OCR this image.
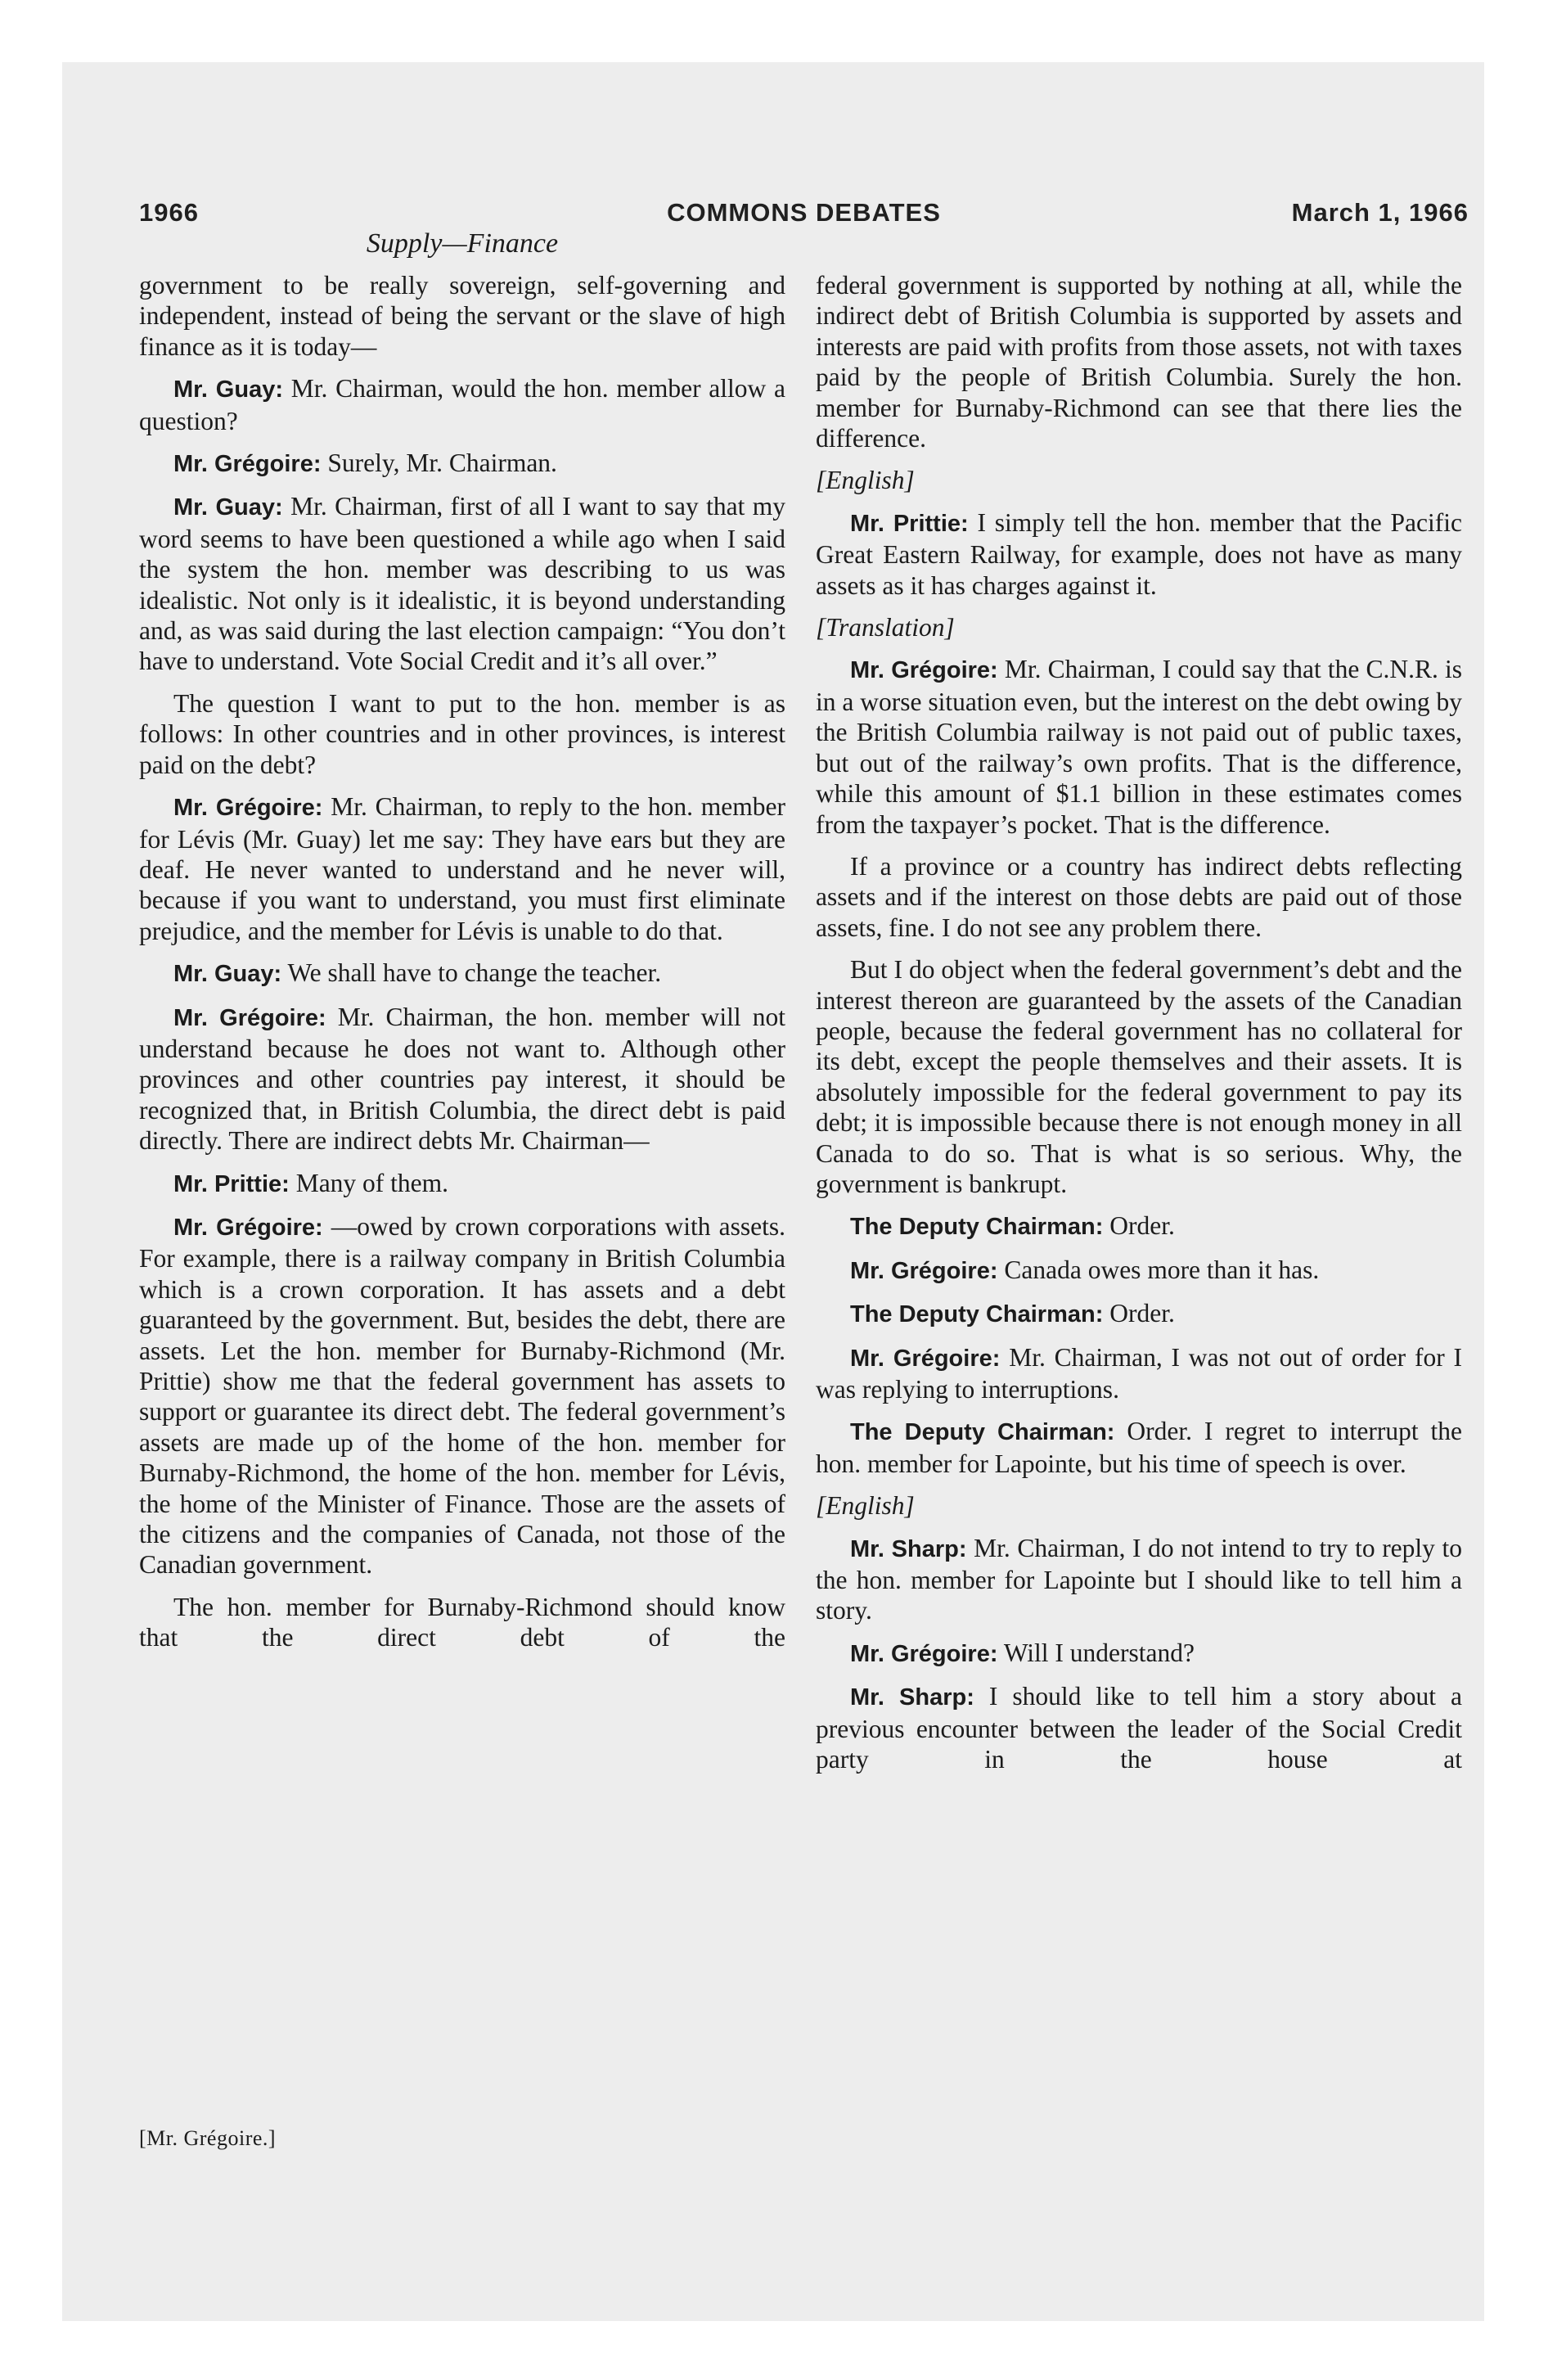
1966	COMMONS DEBATES	March 1, 1966
Supply—Finance

government to be really sovereign, self-governing and independent, instead of being the servant or the slave of high finance as it is today—

Mr. Guay: Mr. Chairman, would the hon. member allow a question?

Mr. Grégoire: Surely, Mr. Chairman.

Mr. Guay: Mr. Chairman, first of all I want to say that my word seems to have been questioned a while ago when I said the system the hon. member was describing to us was idealistic. Not only is it idealistic, it is beyond understanding and, as was said during the last election campaign: “You don’t have to understand. Vote Social Credit and it’s all over.”

The question I want to put to the hon. member is as follows: In other countries and in other provinces, is interest paid on the debt?

Mr. Grégoire: Mr. Chairman, to reply to the hon. member for Lévis (Mr. Guay) let me say: They have ears but they are deaf. He never wanted to understand and he never will, because if you want to understand, you must first eliminate prejudice, and the member for Lévis is unable to do that.

Mr. Guay: We shall have to change the teacher.

Mr. Grégoire: Mr. Chairman, the hon. member will not understand because he does not want to. Although other provinces and other countries pay interest, it should be recognized that, in British Columbia, the direct debt is paid directly. There are indirect debts Mr. Chairman—

Mr. Prittie: Many of them.

Mr. Grégoire: —owed by crown corporations with assets. For example, there is a railway company in British Columbia which is a crown corporation. It has assets and a debt guaranteed by the government. But, besides the debt, there are assets. Let the hon. member for Burnaby-Richmond (Mr. Prittie) show me that the federal government has assets to support or guarantee its direct debt. The federal government’s assets are made up of the home of the hon. member for Burnaby-Richmond, the home of the hon. member for Lévis, the home of the Minister of Finance. Those are the assets of the citizens and the companies of Canada, not those of the Canadian government.

The hon. member for Burnaby-Richmond should know that the direct debt of the

federal government is supported by nothing at all, while the indirect debt of British Columbia is supported by assets and interests are paid with profits from those assets, not with taxes paid by the people of British Columbia. Surely the hon. member for Burnaby-Richmond can see that there lies the difference.

[English]

Mr. Prittie: I simply tell the hon. member that the Pacific Great Eastern Railway, for example, does not have as many assets as it has charges against it.

[Translation]

Mr. Grégoire: Mr. Chairman, I could say that the C.N.R. is in a worse situation even, but the interest on the debt owing by the British Columbia railway is not paid out of public taxes, but out of the railway’s own profits. That is the difference, while this amount of $1.1 billion in these estimates comes from the taxpayer’s pocket. That is the difference.

If a province or a country has indirect debts reflecting assets and if the interest on those debts are paid out of those assets, fine. I do not see any problem there.

But I do object when the federal government’s debt and the interest thereon are guaranteed by the assets of the Canadian people, because the federal government has no collateral for its debt, except the people themselves and their assets. It is absolutely impossible for the federal government to pay its debt; it is impossible because there is not enough money in all Canada to do so. That is what is so serious. Why, the government is bankrupt.

The Deputy Chairman: Order.

Mr. Grégoire: Canada owes more than it has.

The Deputy Chairman: Order.

Mr. Grégoire: Mr. Chairman, I was not out of order for I was replying to interruptions.

The Deputy Chairman: Order. I regret to interrupt the hon. member for Lapointe, but his time of speech is over.

[English]

Mr. Sharp: Mr. Chairman, I do not intend to try to reply to the hon. member for Lapointe but I should like to tell him a story.

Mr. Grégoire: Will I understand?

Mr. Sharp: I should like to tell him a story about a previous encounter between the leader of the Social Credit party in the house at

[Mr. Grégoire.]
